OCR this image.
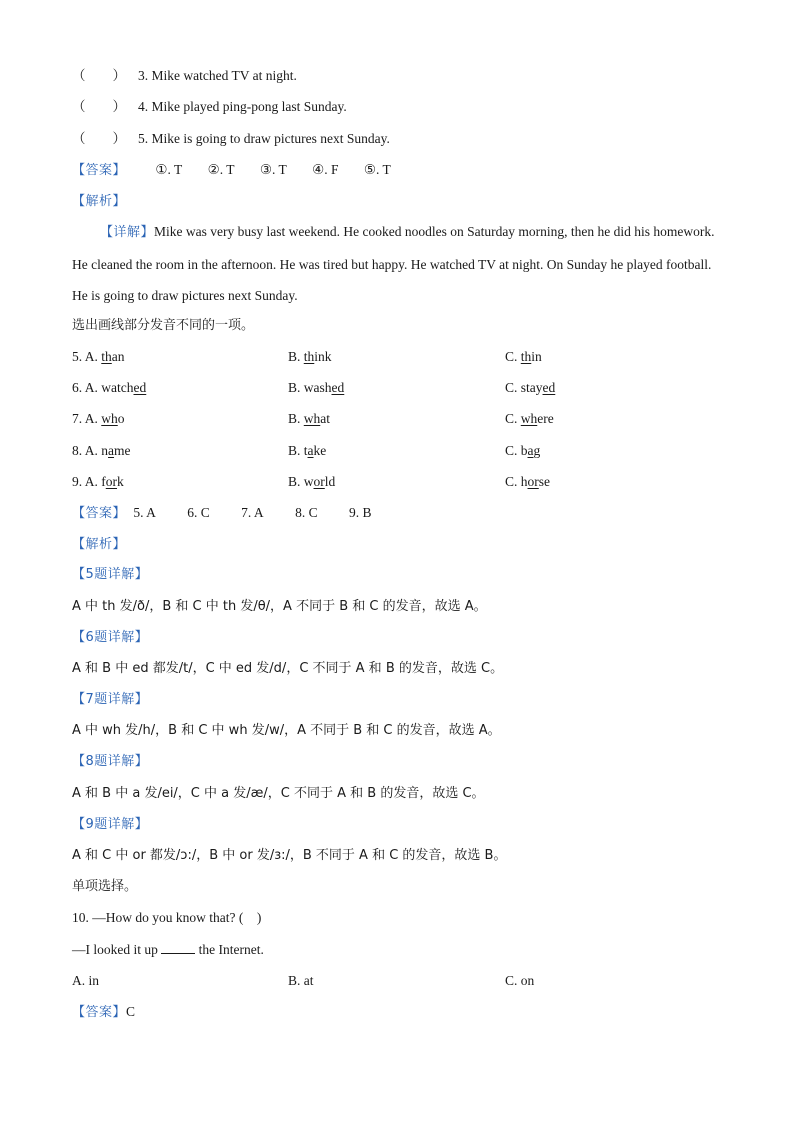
（　　） 3. Mike watched TV at night.
（　　） 4. Mike played ping-pong last Sunday.
（　　） 5. Mike is going to draw pictures next Sunday.
【答案】 ①. T ②. T ③. T ④. F ⑤. T
【解析】
【详解】Mike was very busy last weekend. He cooked noodles on Saturday morning, then he did his homework. He cleaned the room in the afternoon. He was tired but happy. He watched TV at night. On Sunday he played football. He is going to draw pictures next Sunday.
选出画线部分发音不同的一项。
5. A. than	B. think	C. thin
6. A. watched	B. washed	C. stayed
7. A. who	B. what	C. where
8. A. name	B. take	C. bag
9. A. fork	B. world	C. horse
【答案】 5. A 6. C 7. A 8. C 9. B
【解析】
【5题详解】
A 中 th 发/ð/，B 和 C 中 th 发/θ/，A 不同于 B 和 C 的发音，故选 A。
【6题详解】
A 和 B 中 ed 都发/t/，C 中 ed 发/d/，C 不同于 A 和 B 的发音，故选 C。
【7题详解】
A 中 wh 发/h/，B 和 C 中 wh 发/w/，A 不同于 B 和 C 的发音，故选 A。
【8题详解】
A 和 B 中 a 发/ei/，C 中 a 发/æ/，C 不同于 A 和 B 的发音，故选 C。
【9题详解】
A 和 C 中 or 都发/ɔ:/，B 中 or 发/з:/，B 不同于 A 和 C 的发音，故选 B。
单项选择。
10. —How do you know that? (　)
—I looked it up	the Internet.
A. in	B. at	C. on
【答案】C
